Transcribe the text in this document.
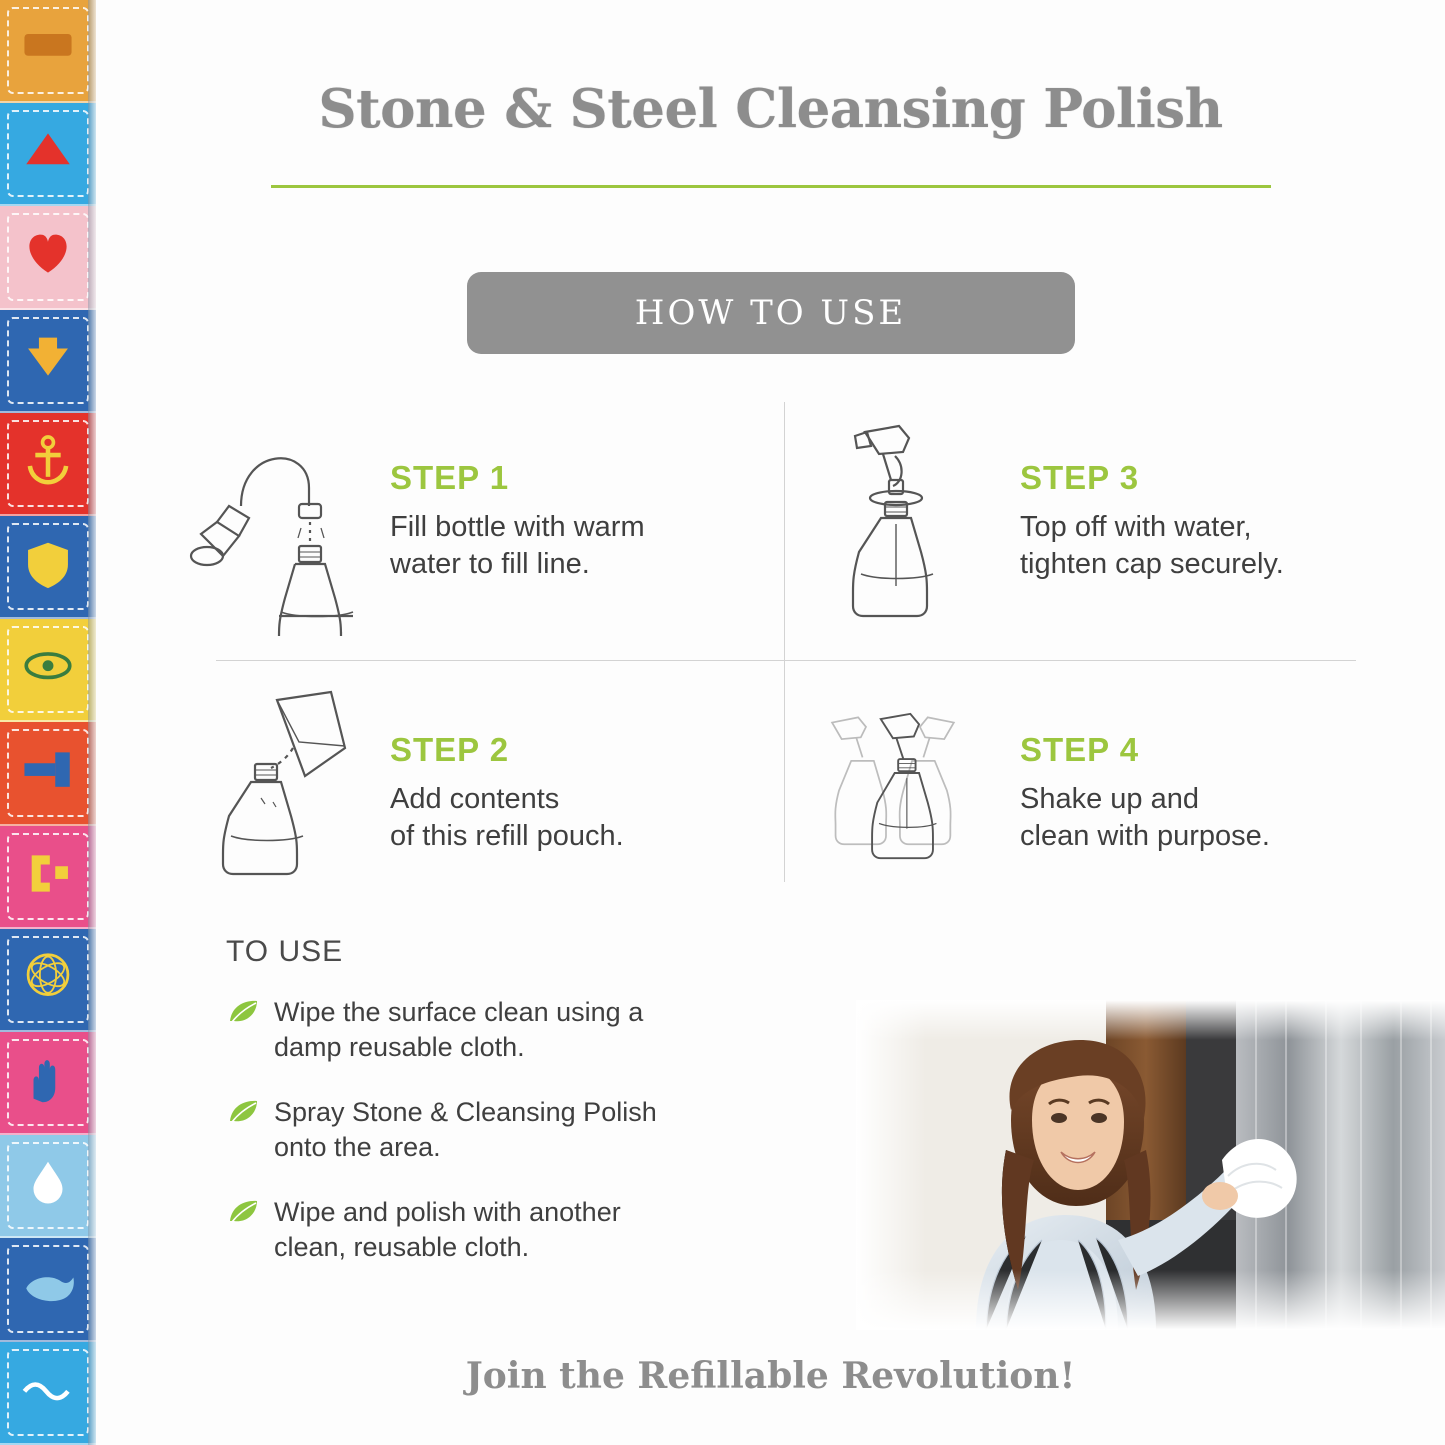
Stone & Steel Cleansing Polish
HOW TO USE
STEP 1
Fill bottle with warm
water to fill line.
STEP 2
Add contents
of this refill pouch.
STEP 3
Top off with water,
tighten cap securely.
STEP 4
Shake up and
clean with purpose.
TO USE
Wipe the surface clean using a
damp reusable cloth.
Spray Stone & Cleansing Polish
onto the area.
Wipe and polish with another
clean, reusable cloth.
Join the Refillable Revolution!
